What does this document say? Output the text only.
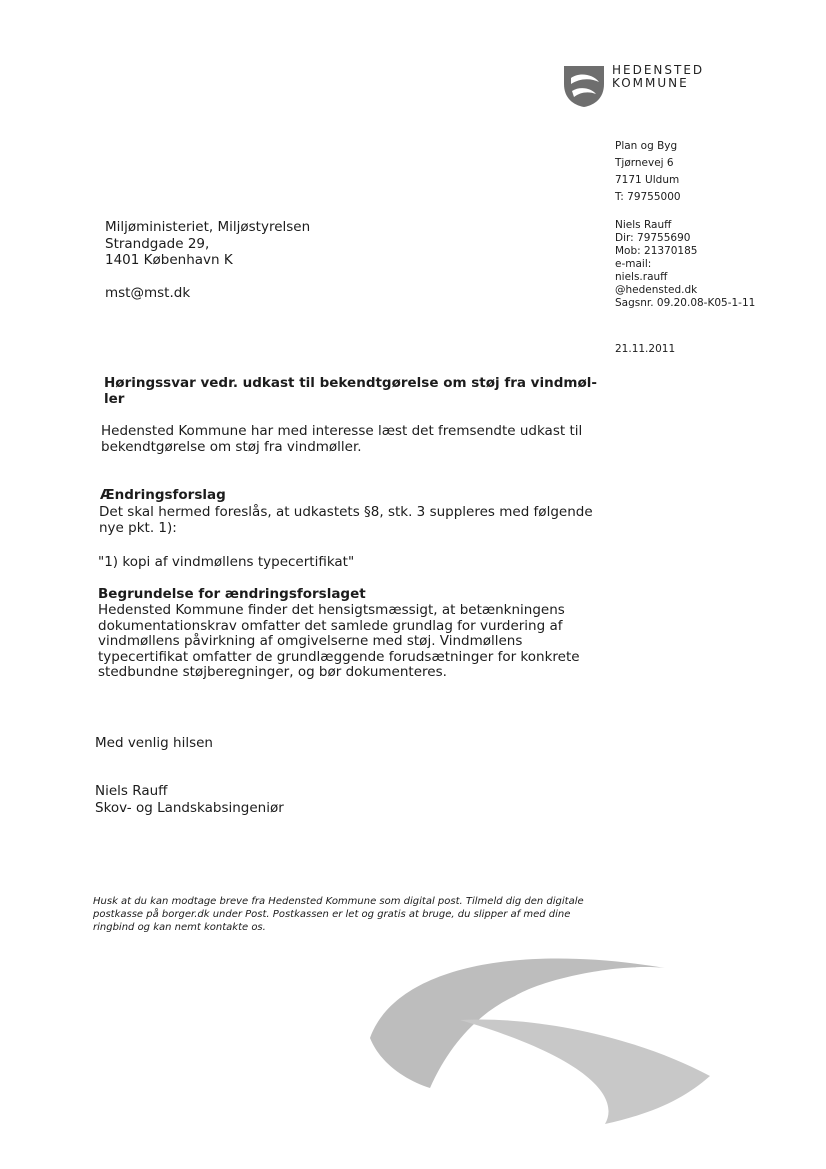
HEDENSTED
KOMMUNE
Plan og Byg
Tjørnevej 6
7171 Uldum
T: 79755000
Niels Rauff
Dir: 79755690
Mob: 21370185
e-mail:
niels.rauff
@hedensted.dk
Sagsnr. 09.20.08-K05-1-11
21.11.2011
Miljøministeriet, Miljøstyrelsen
Strandgade 29,
1401 København K
mst@mst.dk

Høringssvar vedr. udkast til bekendtgørelse om støj fra vindmøl-ler

Hedensted Kommune har med interesse læst det fremsendte udkast til bekendtgørelse om støj fra vindmøller.

Ændringsforslag

Det skal hermed foreslås, at udkastets §8, stk. 3 suppleres med følgende nye pkt. 1):

"1) kopi af vindmøllens typecertifikat"

Begrundelse for ændringsforslaget

Hedensted Kommune finder det hensigtsmæssigt, at betænkningens dokumentationskrav omfatter det samlede grundlag for vurdering af vindmøllens påvirkning af omgivelserne med støj. Vindmøllens typecertifikat omfatter de grundlæggende forudsætninger for konkrete stedbundne støjberegninger, og bør dokumenteres.

Med venlig hilsen
Niels Rauff
Skov- og Landskabsingeniør

Husk at du kan modtage breve fra Hedensted Kommune som digital post. Tilmeld dig den digitale postkasse på borger.dk under Post. Postkassen er let og gratis at bruge, du slipper af med dine ringbind og kan nemt kontakte os.
